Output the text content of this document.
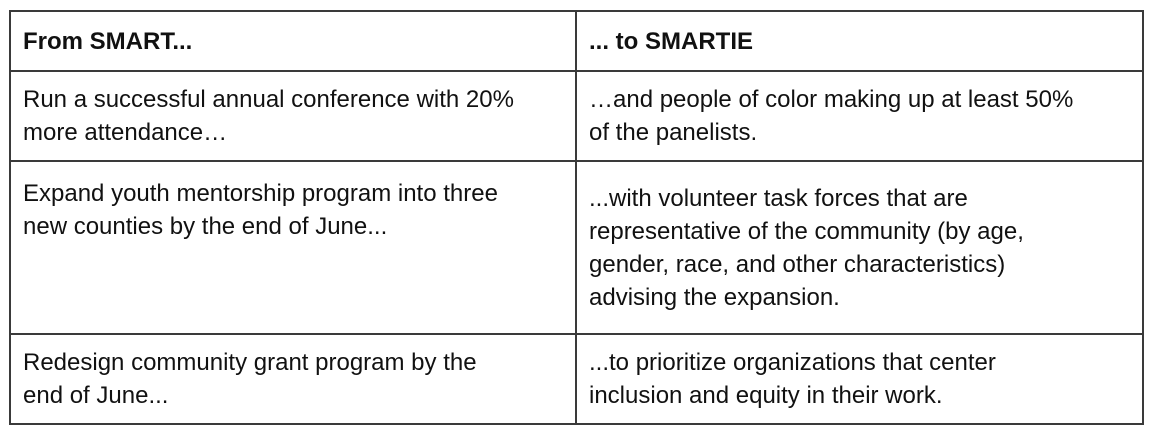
From SMART...	... to SMARTIE

Run a successful annual conference with 20%
more attendance…	…and people of color making up at least 50%
of the panelists.

Expand youth mentorship program into three
new counties by the end of June...	...with volunteer task forces that are
representative of the community (by age,
gender, race, and other characteristics)
advising the expansion.

Redesign community grant program by the
end of June...	...to prioritize organizations that center
inclusion and equity in their work.
